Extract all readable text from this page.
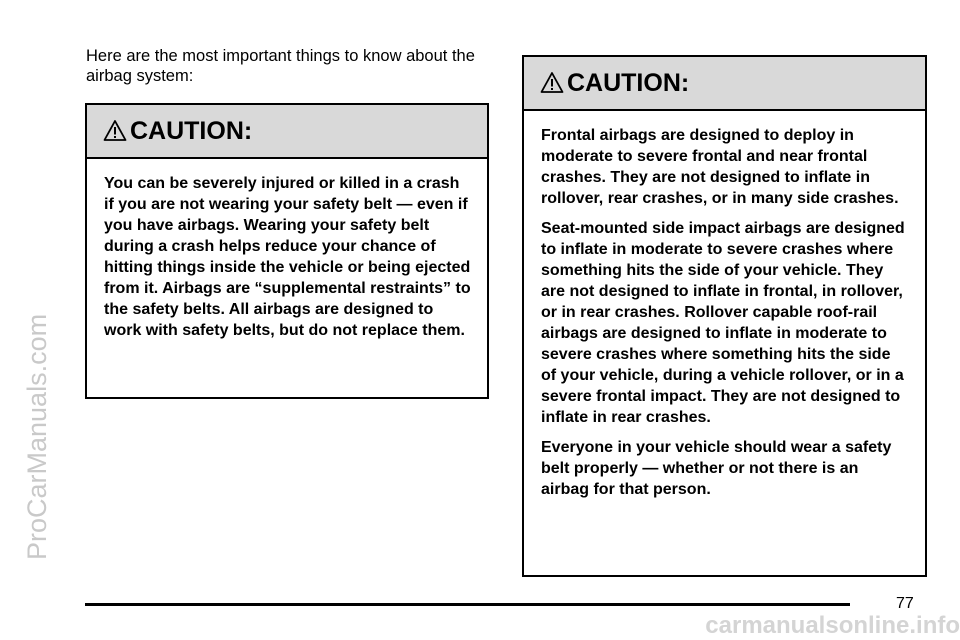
ProCarManuals.com
Here are the most important things to know about the airbag system:
CAUTION:

You can be severely injured or killed in a crash if you are not wearing your safety belt — even if you have airbags. Wearing your safety belt during a crash helps reduce your chance of hitting things inside the vehicle or being ejected from it. Airbags are “supplemental restraints” to the safety belts. All airbags are designed to work with safety belts, but do not replace them.

CAUTION:

Frontal airbags are designed to deploy in moderate to severe frontal and near frontal crashes. They are not designed to inflate in rollover, rear crashes, or in many side crashes.

Seat-mounted side impact airbags are designed to inflate in moderate to severe crashes where something hits the side of your vehicle. They are not designed to inflate in frontal, in rollover, or in rear crashes. Rollover capable roof-rail airbags are designed to inflate in moderate to severe crashes where something hits the side of your vehicle, during a vehicle rollover, or in a severe frontal impact. They are not designed to inflate in rear crashes.

Everyone in your vehicle should wear a safety belt properly — whether or not there is an airbag for that person.

77
carmanualsonline.info
